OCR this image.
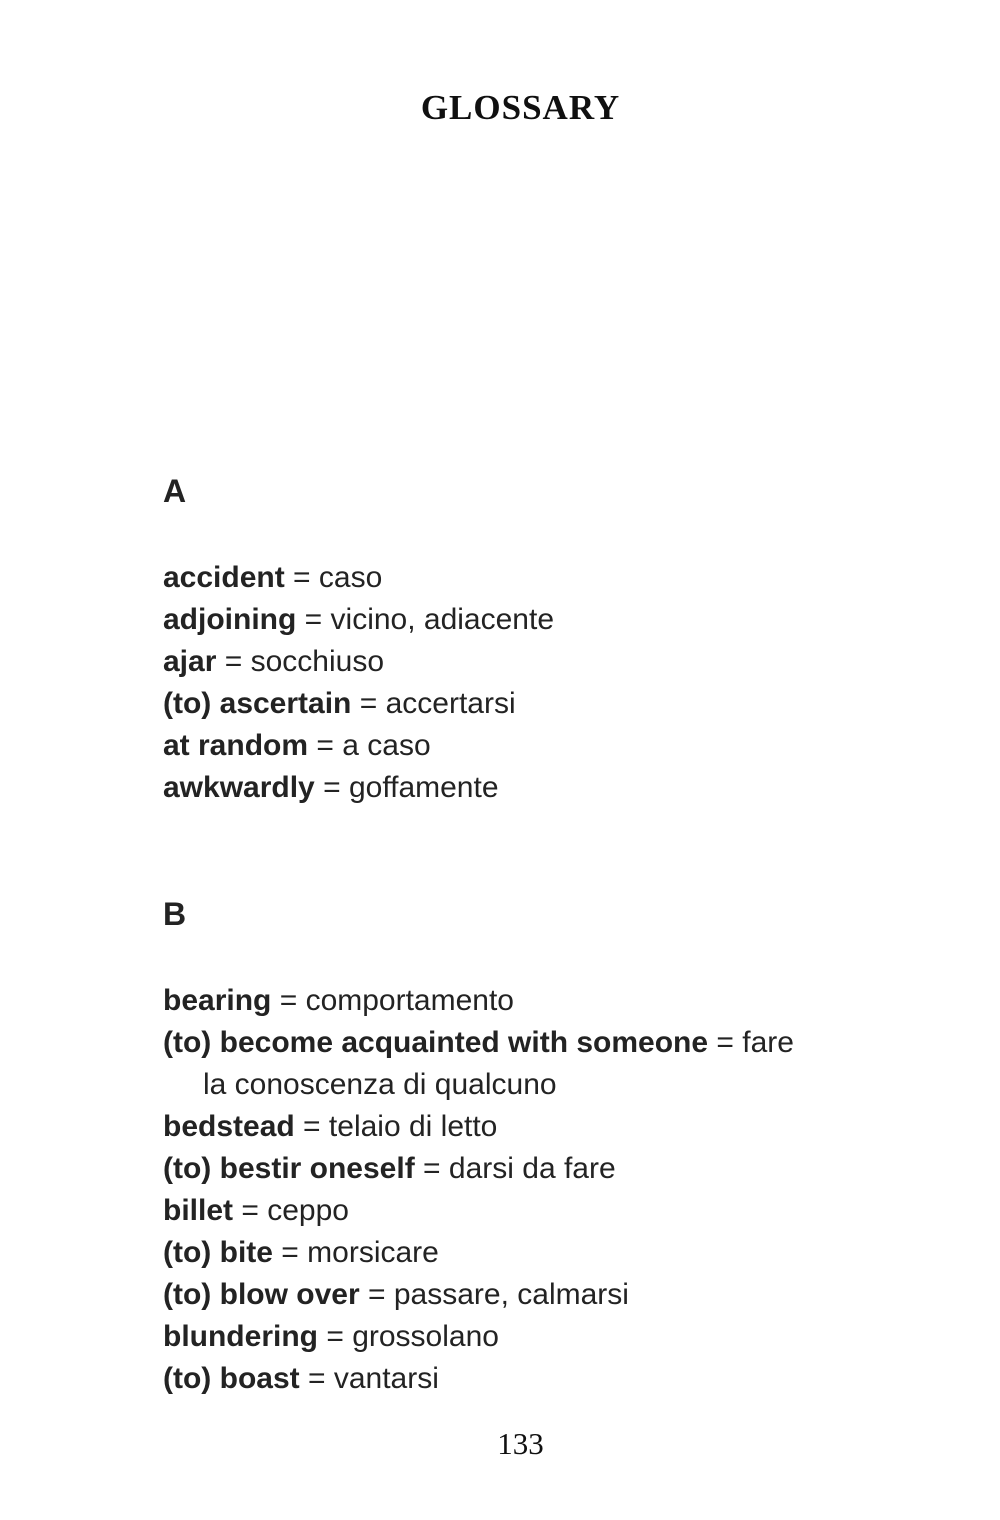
GLOSSARY
A
accident = caso
adjoining = vicino, adiacente
ajar = socchiuso
(to) ascertain = accertarsi
at random = a caso
awkwardly = goffamente
B
bearing = comportamento
(to) become acquainted with someone = fare la conoscenza di qualcuno
bedstead = telaio di letto
(to) bestir oneself = darsi da fare
billet = ceppo
(to) bite = morsicare
(to) blow over = passare, calmarsi
blundering = grossolano
(to) boast = vantarsi
133
